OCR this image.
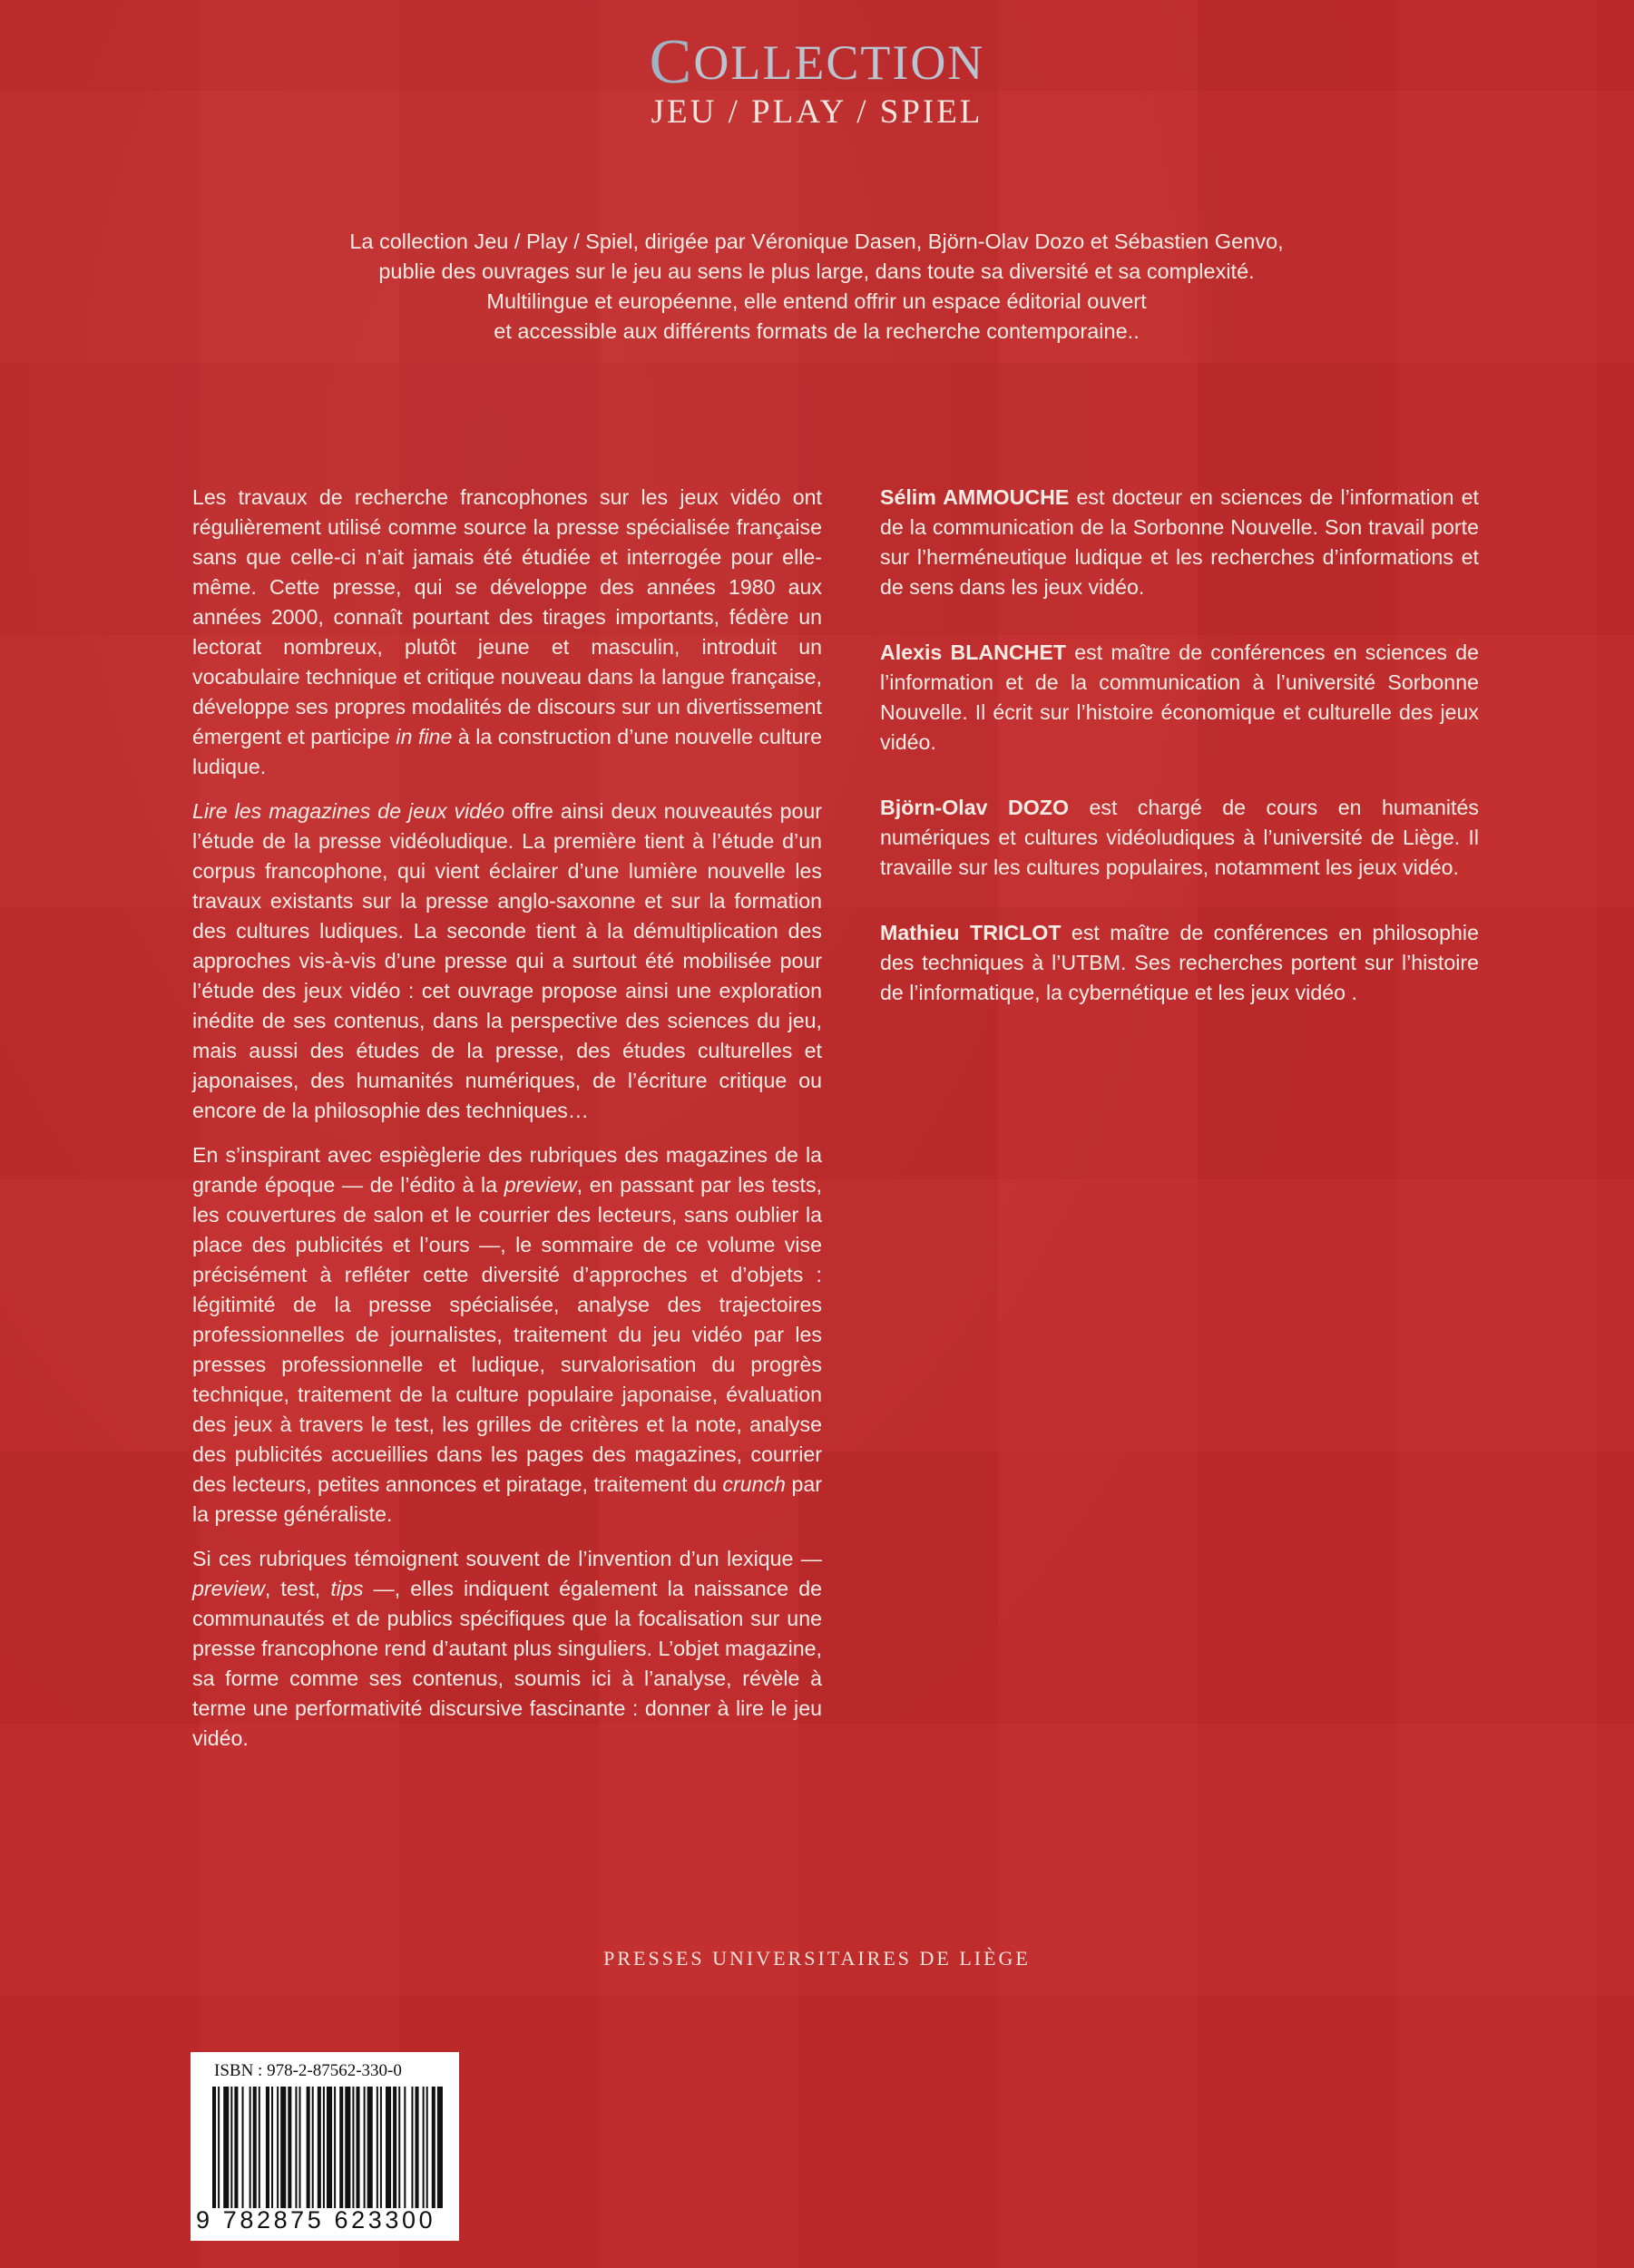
COLLECTION
JEU / PLAY / SPIEL

La collection Jeu / Play / Spiel, dirigée par Véronique Dasen, Björn-Olav Dozo et Sébastien Genvo,

publie des ouvrages sur le jeu au sens le plus large, dans toute sa diversité et sa complexité.

Multilingue et européenne, elle entend offrir un espace éditorial ouvert

et accessible aux différents formats de la recherche contemporaine..

Les travaux de recherche francophones sur les jeux vidéo ont régulièrement utilisé comme source la presse spécialisée française sans que celle-ci n’ait jamais été étudiée et interrogée pour elle-même. Cette presse, qui se développe des années 1980 aux années 2000, connaît pourtant des tirages importants, fédère un lectorat nombreux, plutôt jeune et masculin, introduit un vocabulaire technique et critique nouveau dans la langue française, développe ses propres modalités de discours sur un divertissement émergent et participe in fine à la construction d’une nouvelle culture ludique.

Lire les magazines de jeux vidéo offre ainsi deux nouveautés pour l’étude de la presse vidéoludique. La première tient à l’étude d’un corpus francophone, qui vient éclairer d’une lumière nouvelle les travaux existants sur la presse anglo-saxonne et sur la formation des cultures ludiques. La seconde tient à la démultiplication des approches vis-à-vis d’une presse qui a surtout été mobilisée pour l’étude des jeux vidéo : cet ouvrage propose ainsi une exploration inédite de ses contenus, dans la perspective des sciences du jeu, mais aussi des études de la presse, des études culturelles et japonaises, des humanités numériques, de l’écriture critique ou encore de la philosophie des techniques…

En s’inspirant avec espièglerie des rubriques des magazines de la grande époque — de l’édito à la preview, en passant par les tests, les couvertures de salon et le courrier des lecteurs, sans oublier la place des publicités et l’ours —, le sommaire de ce volume vise précisément à refléter cette diversité d’approches et d’objets : légitimité de la presse spécialisée, analyse des trajectoires professionnelles de journalistes, traitement du jeu vidéo par les presses professionnelle et ludique, survalorisation du progrès technique, traitement de la culture populaire japonaise, évaluation des jeux à travers le test, les grilles de critères et la note, analyse des publicités accueillies dans les pages des magazines, courrier des lecteurs, petites annonces et piratage, traitement du crunch par la presse généraliste.

Si ces rubriques témoignent souvent de l’invention d’un lexique — preview, test, tips —, elles indiquent également la naissance de communautés et de publics spécifiques que la focalisation sur une presse francophone rend d’autant plus singuliers. L’objet magazine, sa forme comme ses contenus, soumis ici à l’analyse, révèle à terme une performativité discursive fascinante : donner à lire le jeu vidéo.

Sélim AMMOUCHE est docteur en sciences de l’information et de la communication de la Sorbonne Nouvelle. Son travail porte sur l’herméneutique ludique et les recherches d’informations et de sens dans les jeux vidéo.

Alexis BLANCHET est maître de conférences en sciences de l’information et de la communication à l’université Sorbonne Nouvelle. Il écrit sur l’histoire économique et culturelle des jeux vidéo.

Björn-Olav DOZO est chargé de cours en humanités numériques et cultures vidéoludiques à l’université de Liège. Il travaille sur les cultures populaires, notamment les jeux vidéo.

Mathieu TRICLOT est maître de conférences en philosophie des techniques à l’UTBM. Ses recherches portent sur l’histoire de l’informatique, la cybernétique et les jeux vidéo .

PRESSES UNIVERSITAIRES DE LIÈGE
ISBN : 978-2-87562-330-0
9 782875 623300
